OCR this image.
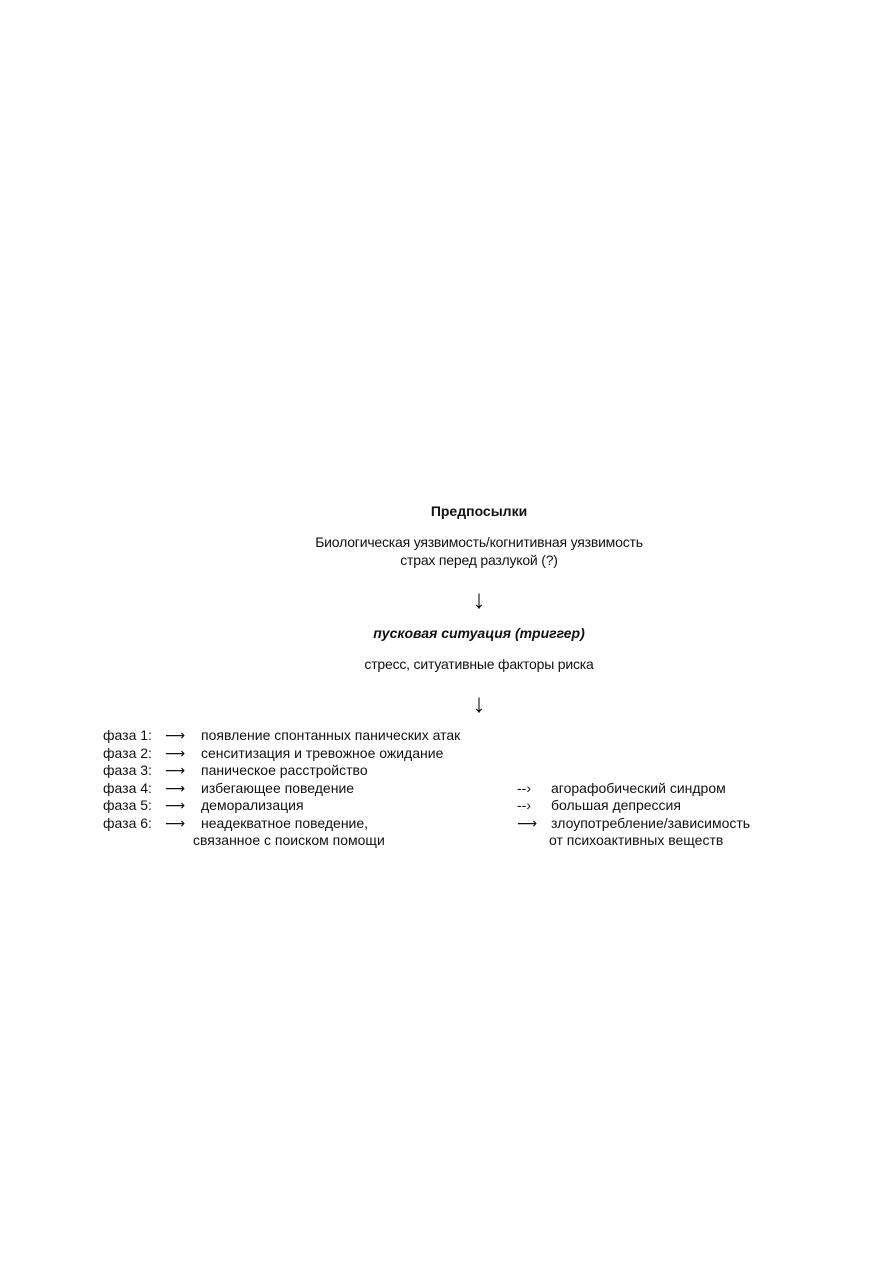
Предпосылки
Биологическая уязвимость/когнитивная уязвимость
страх перед разлукой (?)
↓
пусковая ситуация (триггер)
стресс, ситуативные факторы риска
↓
фаза 1: ⟶ появление спонтанных панических атак
фаза 2: ⟶ сенситизация и тревожное ожидание
фаза 3: ⟶ паническое расстройство
фаза 4: ⟶ избегающее поведение	--› агорафобический синдром
фаза 5: ⟶ деморализация	--› большая депрессия
фаза 6: ⟶ неадекватное поведение,	⟶ злоупотребление/зависимость
связанное с поиском помощи	от психоактивных веществ
